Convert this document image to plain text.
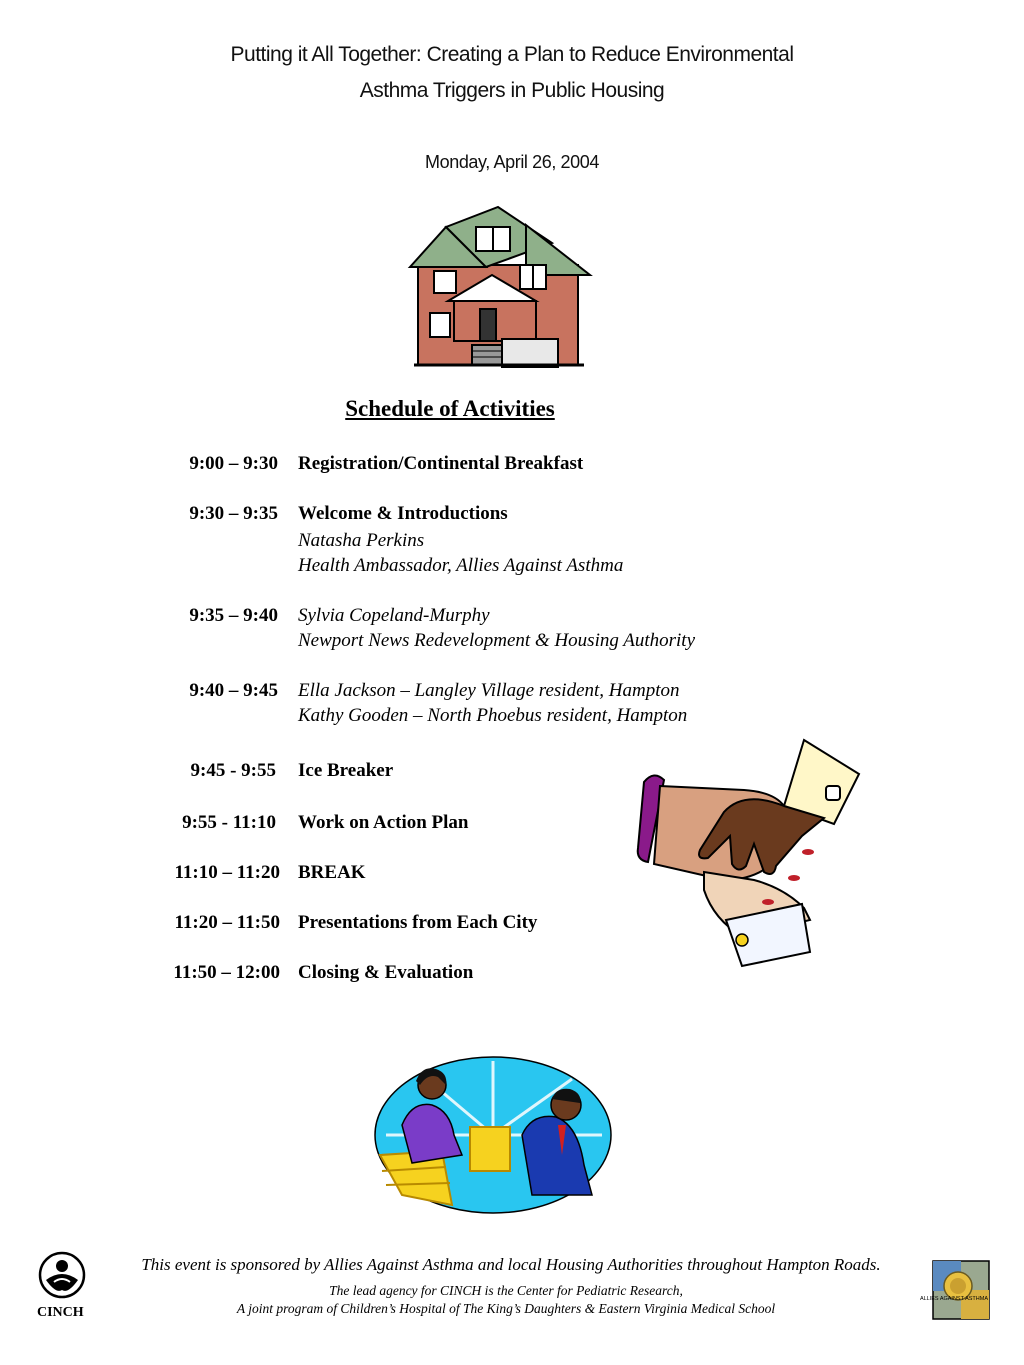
Putting it All Together: Creating a Plan to Reduce Environmental
Asthma Triggers in Public Housing
Monday, April 26, 2004
Schedule of Activities
9:00 – 9:30 Registration/Continental Breakfast
9:30 – 9:35 Welcome & Introductions
Natasha Perkins
Health Ambassador, Allies Against Asthma
9:35 – 9:40 Sylvia Copeland-Murphy
Newport News Redevelopment & Housing Authority
9:40 – 9:45 Ella Jackson – Langley Village resident, Hampton
Kathy Gooden – North Phoebus resident, Hampton
9:45 - 9:55 Ice Breaker
9:55 - 11:10 Work on Action Plan
11:10 – 11:20 BREAK
11:20 – 11:50 Presentations from Each City
11:50 – 12:00 Closing & Evaluation
CINCH
This event is sponsored by Allies Against Asthma and local Housing Authorities throughout Hampton Roads.
The lead agency for CINCH is the Center for Pediatric Research,
A joint program of Children’s Hospital of The King’s Daughters & Eastern Virginia Medical School
ALLIES AGAINST ASTHMA
